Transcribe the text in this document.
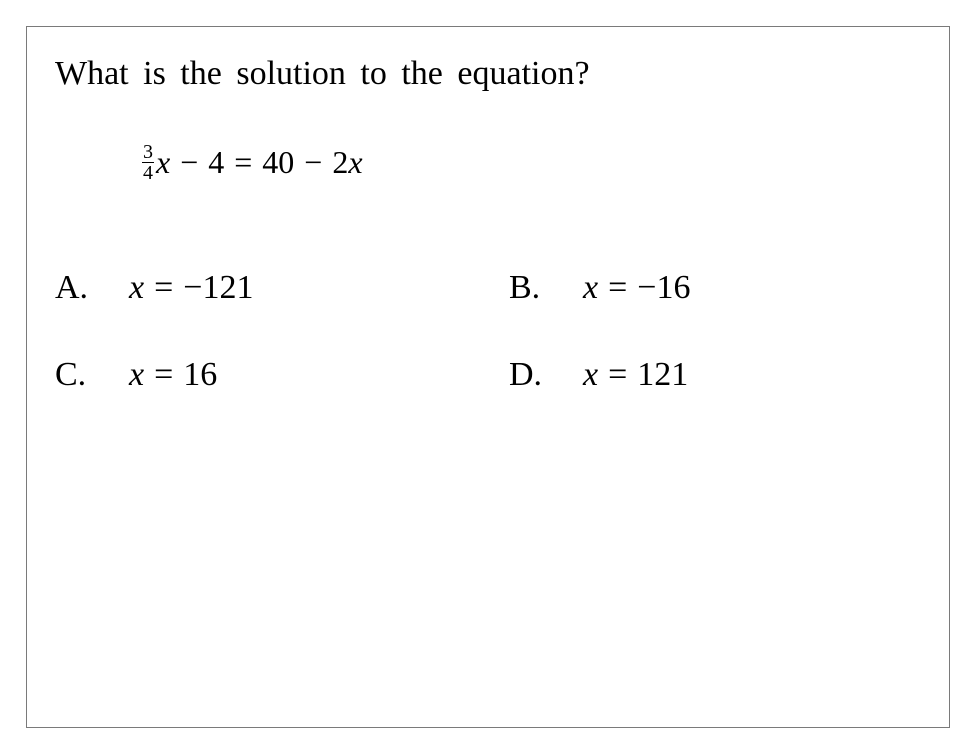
What is the solution to the equation?
$\frac{3}{4}$ x − 4 = 40 − 2 x
A. x = −121	B. x = −16
C. x = 16	D. x = 121
